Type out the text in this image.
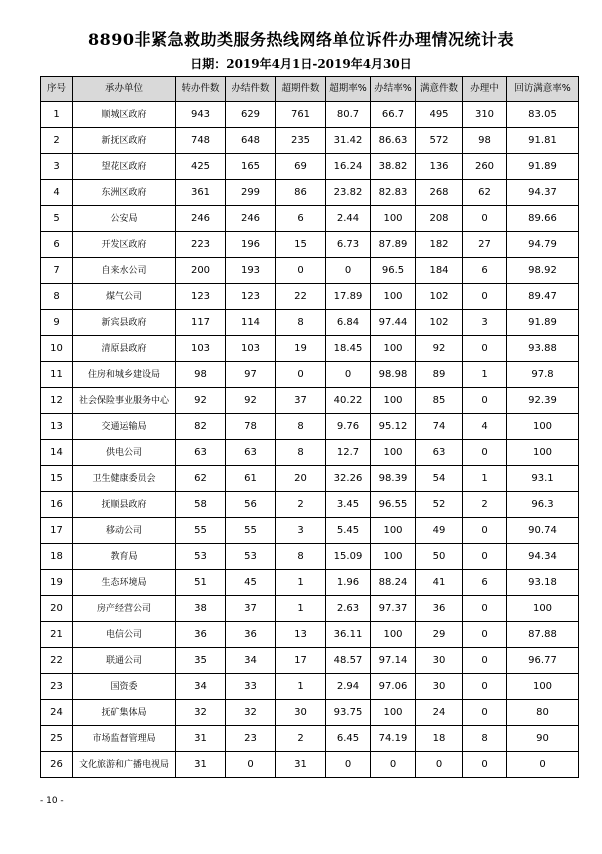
8890非紧急救助类服务热线网络单位诉件办理情况统计表
日期：2019年4月1日-2019年4月30日
序号	承办单位	转办件数	办结件数	超期件数	超期率%	办结率%	满意件数	办理中	回访满意率%
1	顺城区政府	943	629	761	80.7	66.7	495	310	83.05
2	新抚区政府	748	648	235	31.42	86.63	572	98	91.81
3	望花区政府	425	165	69	16.24	38.82	136	260	91.89
4	东洲区政府	361	299	86	23.82	82.83	268	62	94.37
5	公安局	246	246	6	2.44	100	208	0	89.66
6	开发区政府	223	196	15	6.73	87.89	182	27	94.79
7	自来水公司	200	193	0	0	96.5	184	6	98.92
8	煤气公司	123	123	22	17.89	100	102	0	89.47
9	新宾县政府	117	114	8	6.84	97.44	102	3	91.89
10	清原县政府	103	103	19	18.45	100	92	0	93.88
11	住房和城乡建设局	98	97	0	0	98.98	89	1	97.8
12	社会保险事业服务中心	92	92	37	40.22	100	85	0	92.39
13	交通运输局	82	78	8	9.76	95.12	74	4	100
14	供电公司	63	63	8	12.7	100	63	0	100
15	卫生健康委员会	62	61	20	32.26	98.39	54	1	93.1
16	抚顺县政府	58	56	2	3.45	96.55	52	2	96.3
17	移动公司	55	55	3	5.45	100	49	0	90.74
18	教育局	53	53	8	15.09	100	50	0	94.34
19	生态环境局	51	45	1	1.96	88.24	41	6	93.18
20	房产经营公司	38	37	1	2.63	97.37	36	0	100
21	电信公司	36	36	13	36.11	100	29	0	87.88
22	联通公司	35	34	17	48.57	97.14	30	0	96.77
23	国资委	34	33	1	2.94	97.06	30	0	100
24	抚矿集体局	32	32	30	93.75	100	24	0	80
25	市场监督管理局	31	23	2	6.45	74.19	18	8	90
26	文化旅游和广播电视局	31	0	31	0	0	0	0	0
- 10 -
